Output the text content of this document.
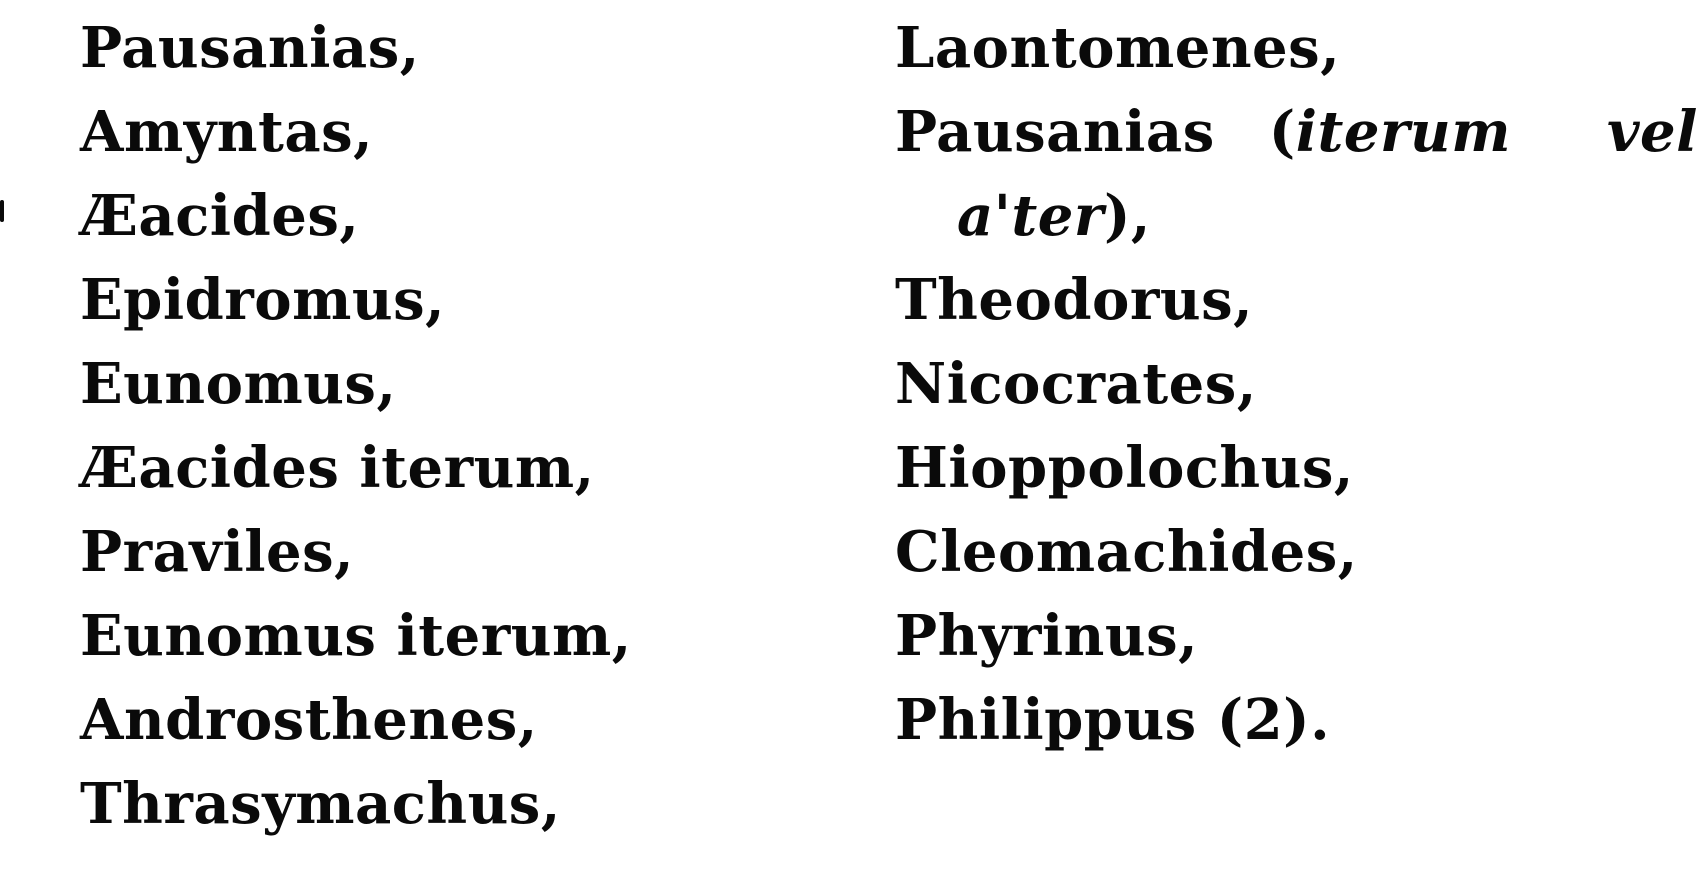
Pausanias,
Amyntas,
Æacides,
Epidromus,
Eunomus,
Æacides iterum,
Praviles,
Eunomus iterum,
Androsthenes,
Thrasymachus,
Laontomenes,
Pausanias (iterum vel
a'ter),
Theodorus,
Nicocrates,
Hioppolochus,
Cleomachides,
Phyrinus,
Philippus (2).
